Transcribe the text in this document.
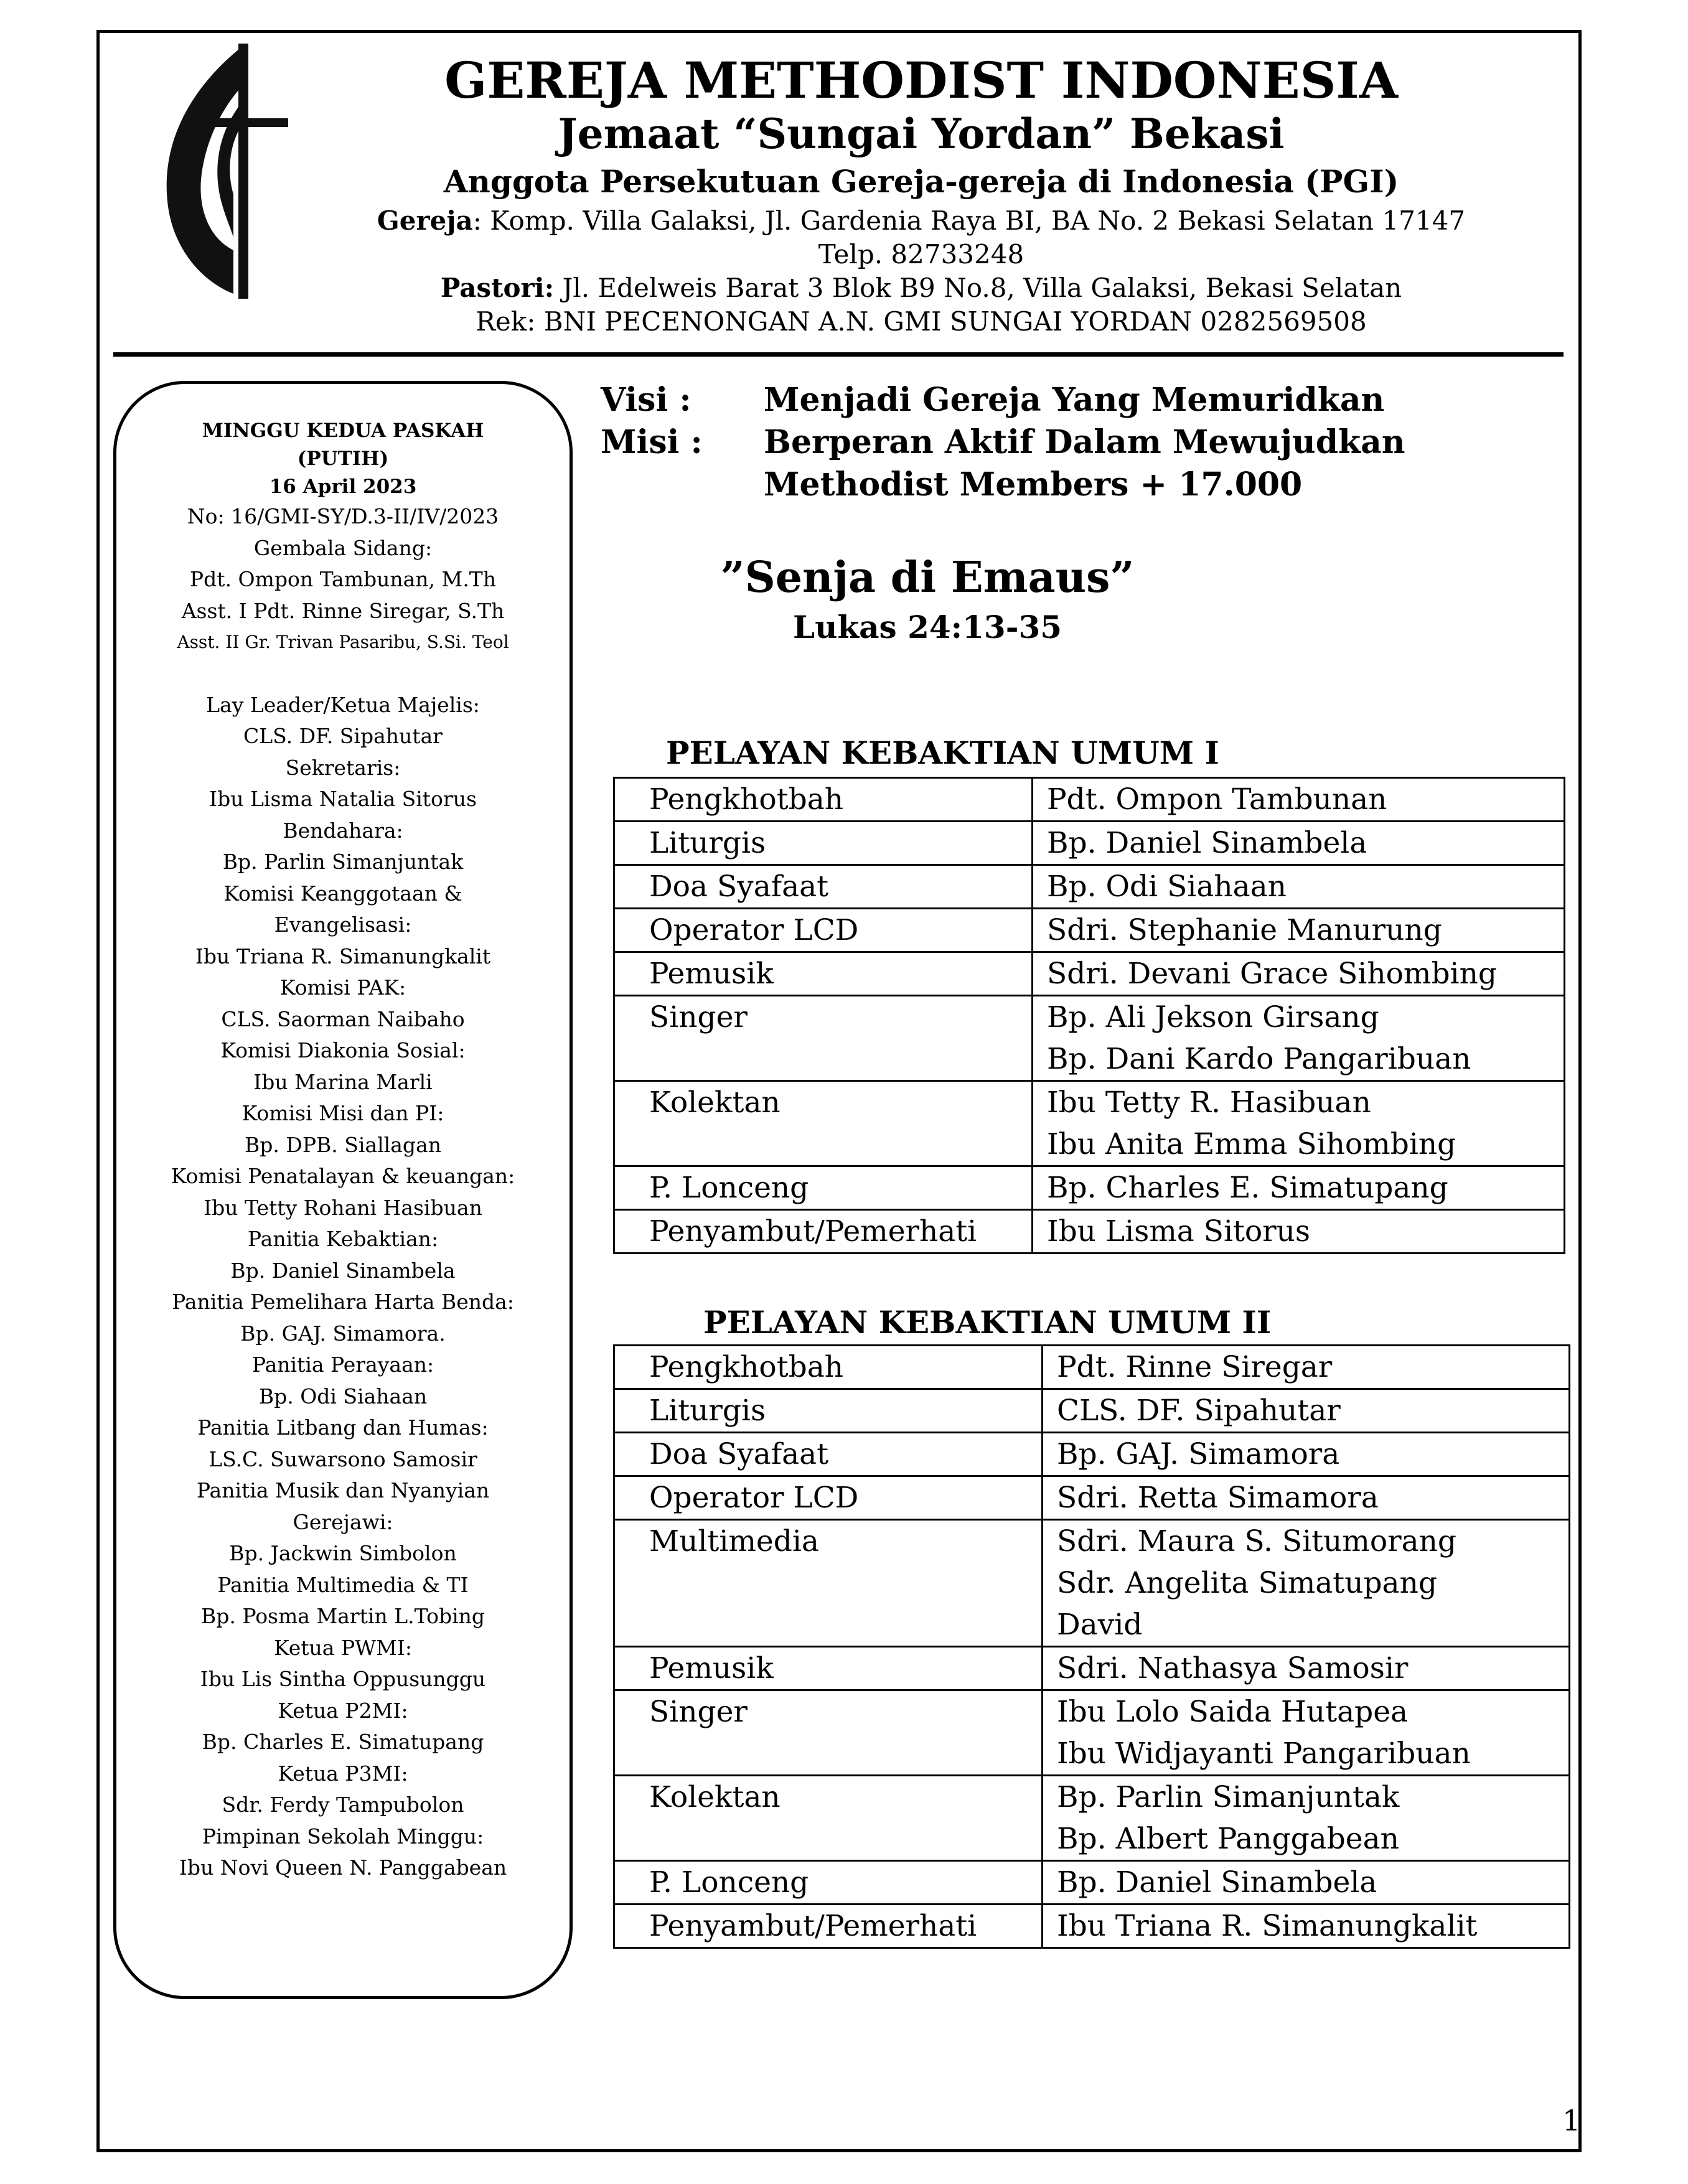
GEREJA METHODIST INDONESIA
Jemaat “Sungai Yordan” Bekasi
Anggota Persekutuan Gereja-gereja di Indonesia (PGI)
Gereja: Komp. Villa Galaksi, Jl. Gardenia Raya BI, BA No. 2 Bekasi Selatan 17147
Telp. 82733248
Pastori: Jl. Edelweis Barat 3 Blok B9 No.8, Villa Galaksi, Bekasi Selatan
Rek: BNI PECENONGAN A.N. GMI SUNGAI YORDAN 0282569508
MINGGU KEDUA PASKAH
(PUTIH)
16 April 2023
No: 16/GMI-SY/D.3-II/IV/2023
Gembala Sidang:
Pdt. Ompon Tambunan, M.Th
Asst. I Pdt. Rinne Siregar, S.Th
Asst. II Gr. Trivan Pasaribu, S.Si. Teol
Lay Leader/Ketua Majelis:
CLS. DF. Sipahutar
Sekretaris:
Ibu Lisma Natalia Sitorus
Bendahara:
Bp. Parlin Simanjuntak
Komisi Keanggotaan &
Evangelisasi:
Ibu Triana R. Simanungkalit
Komisi PAK:
CLS. Saorman Naibaho
Komisi Diakonia Sosial:
Ibu Marina Marli
Komisi Misi dan PI:
Bp. DPB. Siallagan
Komisi Penatalayan & keuangan:
Ibu Tetty Rohani Hasibuan
Panitia Kebaktian:
Bp. Daniel Sinambela
Panitia Pemelihara Harta Benda:
Bp. GAJ. Simamora.
Panitia Perayaan:
Bp. Odi Siahaan
Panitia Litbang dan Humas:
LS.C. Suwarsono Samosir
Panitia Musik dan Nyanyian
Gerejawi:
Bp. Jackwin Simbolon
Panitia Multimedia & TI
Bp. Posma Martin L.Tobing
Ketua PWMI:
Ibu Lis Sintha Oppusunggu
Ketua P2MI:
Bp. Charles E. Simatupang
Ketua P3MI:
Sdr. Ferdy Tampubolon
Pimpinan Sekolah Minggu:
Ibu Novi Queen N. Panggabean
Visi : Menjadi Gereja Yang Memuridkan
Misi : Berperan Aktif Dalam Mewujudkan
Methodist Members + 17.000
”Senja di Emaus”
Lukas 24:13-35
PELAYAN KEBAKTIAN UMUM I
Pengkhotbah	Pdt. Ompon Tambunan

Liturgis	Bp. Daniel Sinambela

Doa Syafaat	Bp. Odi Siahaan

Operator LCD	Sdri. Stephanie Manurung

Pemusik	Sdri. Devani Grace Sihombing

Singer	Bp. Ali Jekson Girsang
Bp. Dani Kardo Pangaribuan

Kolektan	Ibu Tetty R. Hasibuan
Ibu Anita Emma Sihombing

P. Lonceng	Bp. Charles E. Simatupang

Penyambut/Pemerhati	Ibu Lisma Sitorus
PELAYAN KEBAKTIAN UMUM II
Pengkhotbah	Pdt. Rinne Siregar

Liturgis	CLS. DF. Sipahutar

Doa Syafaat	Bp. GAJ. Simamora

Operator LCD	Sdri. Retta Simamora

Multimedia	Sdri. Maura S. Situmorang
Sdr. Angelita Simatupang
David

Pemusik	Sdri. Nathasya Samosir

Singer	Ibu Lolo Saida Hutapea
Ibu Widjayanti Pangaribuan

Kolektan	Bp. Parlin Simanjuntak
Bp. Albert Panggabean

P. Lonceng	Bp. Daniel Sinambela

Penyambut/Pemerhati	Ibu Triana R. Simanungkalit
1
